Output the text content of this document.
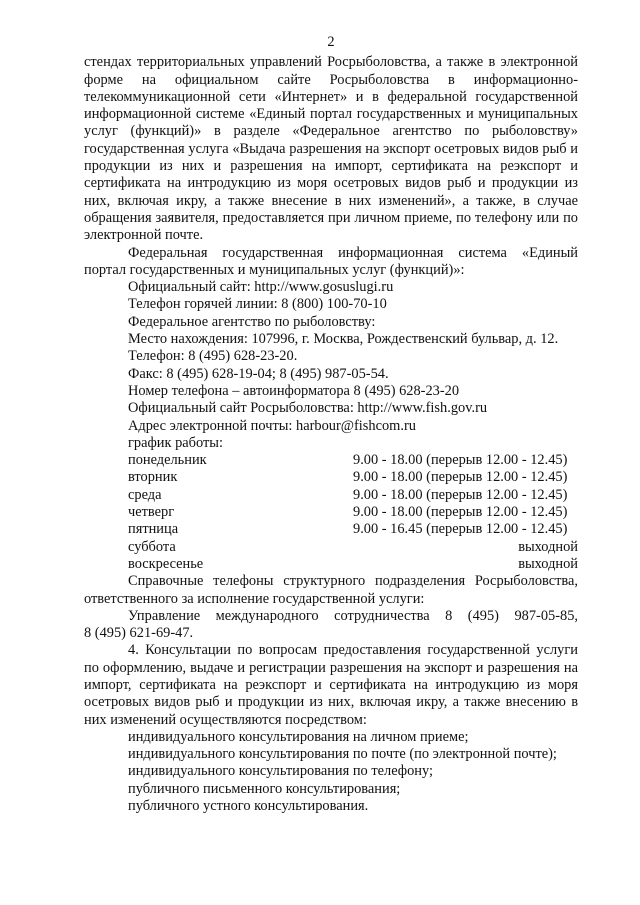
2

стендах территориальных управлений Росрыболовства, а также в электронной форме на официальном сайте Росрыболовства в информационно-телекоммуникационной сети «Интернет» и в федеральной государственной информационной системе «Единый портал государственных и муниципальных услуг (функций)» в разделе «Федеральное агентство по рыболовству» государственная услуга «Выдача разрешения на экспорт осетровых видов рыб и продукции из них и разрешения на импорт, сертификата на реэкспорт и сертификата на интродукцию из моря осетровых видов рыб и продукции из них, включая икру, а также внесение в них изменений», а также, в случае обращения заявителя, предоставляется при личном приеме, по телефону или по электронной почте.

Федеральная государственная информационная система «Единый портал государственных и муниципальных услуг (функций)»:

Официальный сайт: http://www.gosuslugi.ru
Телефон горячей линии: 8 (800) 100-70-10
Федеральное агентство по рыболовству:
Место нахождения: 107996, г. Москва, Рождественский бульвар, д. 12.
Телефон: 8 (495) 628-23-20.
Факс: 8 (495) 628-19-04; 8 (495) 987-05-54.
Номер телефона – автоинформатора 8 (495) 628-23-20
Официальный сайт Росрыболовства: http://www.fish.gov.ru
Адрес электронной почты: harbour@fishcom.ru
график работы:
понедельник	9.00 - 18.00 (перерыв 12.00 - 12.45)
вторник	9.00 - 18.00 (перерыв 12.00 - 12.45)
среда	9.00 - 18.00 (перерыв 12.00 - 12.45)
четверг	9.00 - 18.00 (перерыв 12.00 - 12.45)
пятница	9.00 - 16.45 (перерыв 12.00 - 12.45)
суббота	выходной
воскресенье	выходной

Справочные телефоны структурного подразделения Росрыболовства, ответственного за исполнение государственной услуги:

Управление международного сотрудничества 8 (495) 987-05-85,
8 (495) 621-69-47.

4. Консультации по вопросам предоставления государственной услуги по оформлению, выдаче и регистрации разрешения на экспорт и разрешения на импорт, сертификата на реэкспорт и сертификата на интродукцию из моря осетровых видов рыб и продукции из них, включая икру, а также внесению в них изменений осуществляются посредством:

индивидуального консультирования на личном приеме;
индивидуального консультирования по почте (по электронной почте);
индивидуального консультирования по телефону;
публичного письменного консультирования;
публичного устного консультирования.
